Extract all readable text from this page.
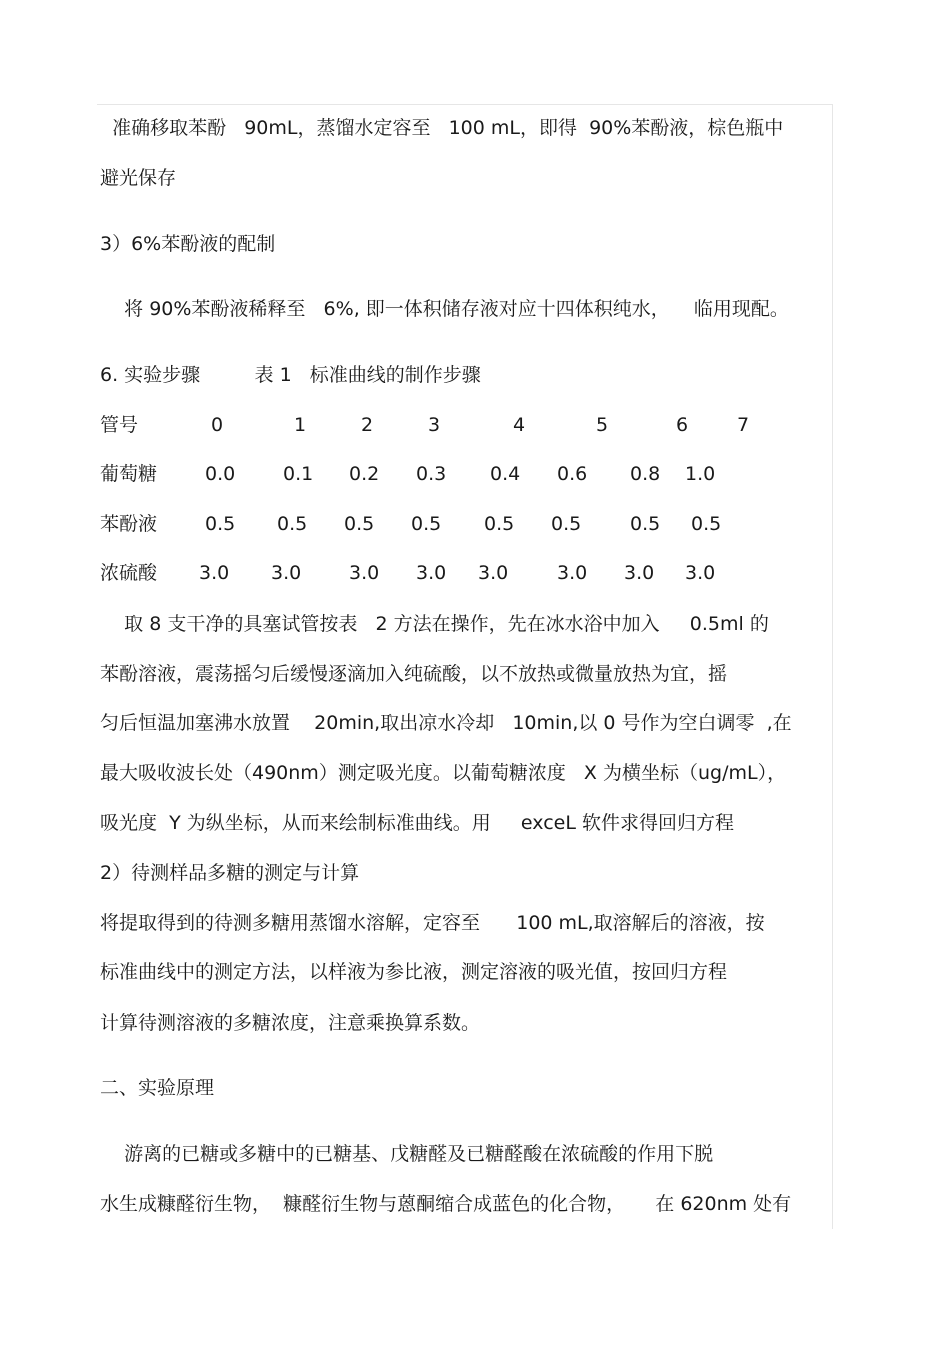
准确移取苯酚   90mL，蒸馏水定容至   100 mL，即得  90%苯酚液，棕色瓶中
避光保存
3）6%苯酚液的配制
将 90%苯酚液稀释至   6%, 即一体积储存液对应十四体积纯水，    临用现配。
6. 实验步骤         表 1   标准曲线的制作步骤
管号	0	1	2	3	4	5	6	7
葡萄糖	0.0	0.1 0.2 0.3 0.4 0.6 0.8 1.0
苯酚液	0.5 0.5 0.5 0.5 0.5 0.5	0.5 0.5
浓硫酸 3.0 3.0	3.0 3.0 3.0	3.0 3.0 3.0
取 8 支干净的具塞试管按表   2 方法在操作，先在冰水浴中加入     0.5ml 的
苯酚溶液，震荡摇匀后缓慢逐滴加入纯硫酸，以不放热或微量放热为宜，摇
匀后恒温加塞沸水放置    20min,取出凉水冷却   10min,以 0 号作为空白调零  ,在
最大吸收波长处（490nm）测定吸光度。以葡萄糖浓度   X 为横坐标（ug/mL），
吸光度  Y 为纵坐标，从而来绘制标准曲线。用     exceL 软件求得回归方程
2）待测样品多糖的测定与计算
将提取得到的待测多糖用蒸馏水溶解，定容至      100 mL,取溶解后的溶液，按
标准曲线中的测定方法，以样液为参比液，测定溶液的吸光值，按回归方程
计算待测溶液的多糖浓度，注意乘换算系数。
二、实验原理
游离的已糖或多糖中的已糖基、戊糖醛及已糖醛酸在浓硫酸的作用下脱
水生成糠醛衍生物，  糠醛衍生物与蒽酮缩合成蓝色的化合物，     在 620nm 处有
